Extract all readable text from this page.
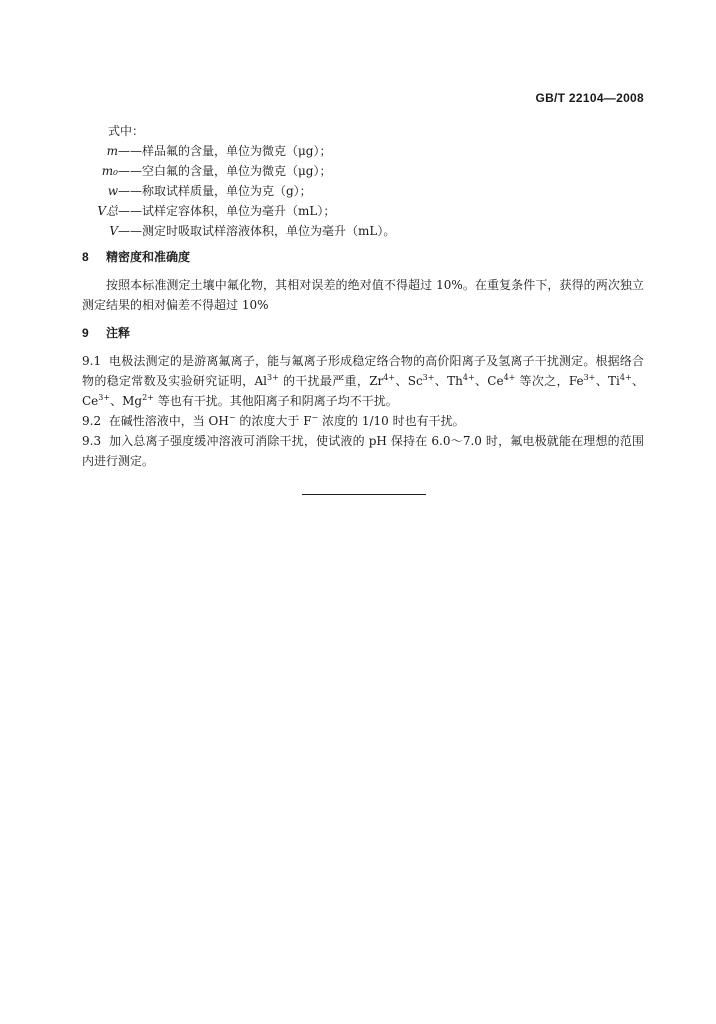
GB/T 22104—2008
式中：
m——样品氟的含量，单位为微克（μg）；
m₀——空白氟的含量，单位为微克（μg）；
w——称取试样质量，单位为克（g）；
V总——试样定容体积，单位为毫升（mL）；
V——测定时吸取试样溶液体积，单位为毫升（mL）。
8 精密度和准确度
按照本标准测定土壤中氟化物，其相对误差的绝对值不得超过 10%。在重复条件下，获得的两次独立测定结果的相对偏差不得超过 10%
9 注释
9.1 电极法测定的是游离氟离子，能与氟离子形成稳定络合物的高价阳离子及氢离子干扰测定。根据络合物的稳定常数及实验研究证明，$Al^{3+}$ 的干扰最严重，$Zr^{4+}$、$Sc^{3+}$、$Th^{4+}$、$Ce^{4+}$ 等次之，$Fe^{3+}$、$Ti^{4+}$、$Ce^{3+}$、$Mg^{2+}$ 等也有干扰。其他阳离子和阴离子均不干扰。
9.2 在碱性溶液中，当 OH− 的浓度大于 F− 浓度的 1/10 时也有干扰。
9.3 加入总离子强度缓冲溶液可消除干扰，使试液的 pH 保持在 6.0～7.0 时，氟电极就能在理想的范围内进行测定。
